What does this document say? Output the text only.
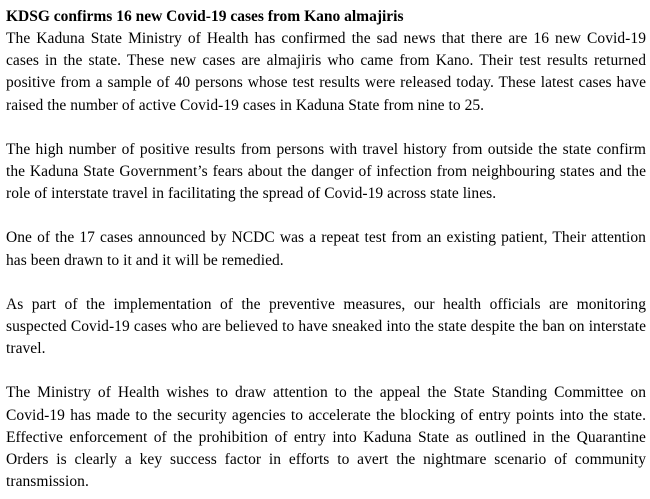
KDSG confirms 16 new Covid-19 cases from Kano almajiris

The Kaduna State Ministry of Health has confirmed the sad news that there are 16 new Covid-19 cases in the state. These new cases are almajiris who came from Kano. Their test results returned positive from a sample of 40 persons whose test results were released today. These latest cases have raised the number of active Covid-19 cases in Kaduna State from nine to 25.

The high number of positive results from persons with travel history from outside the state confirm the Kaduna State Government’s fears about the danger of infection from neighbouring states and the role of interstate travel in facilitating the spread of Covid-19 across state lines.

One of the 17 cases announced by NCDC was a repeat test from an existing patient, Their attention has been drawn to it and it will be remedied.

As part of the implementation of the preventive measures, our health officials are monitoring suspected Covid-19 cases who are believed to have sneaked into the state despite the ban on interstate travel.

The Ministry of Health wishes to draw attention to the appeal the State Standing Committee on Covid-19 has made to the security agencies to accelerate the blocking of entry points into the state. Effective enforcement of the prohibition of entry into Kaduna State as outlined in the Quarantine Orders is clearly a key success factor in efforts to avert the nightmare scenario of community transmission.
